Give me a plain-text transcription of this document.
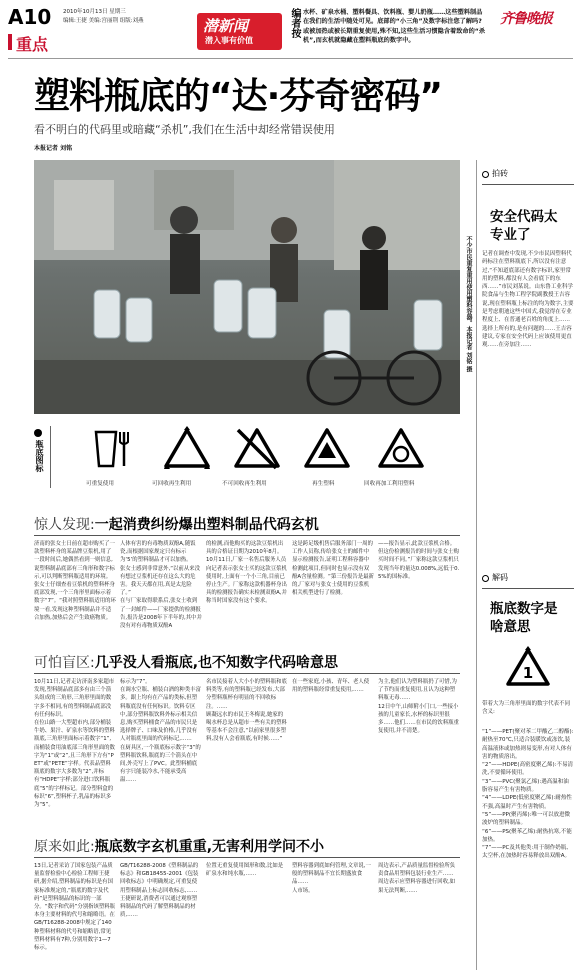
A10 2010年10月13日 星期三
编辑:王捷 美编:宫丽荆 组版:刘燕
重点
潜新闻
潜入事有价值
编者按 水杯、矿泉水桶、塑料餐具、饮料瓶、婴儿奶瓶……这些塑料制品在我们的生活中随处可见。底部的“小三角”及数字标注您了解吗?或被加热或被长期重复使用,殊不知,这些生活习惯隐含着致命的“杀机”,而玄机就隐藏在塑料瓶底的数字中。
齐鲁晚报
塑料瓶底的“达·芬奇密码”
看不明白的代码里或暗藏“杀机”,我们在生活中却经常错误使用
本报记者 刘铭
不少市民重复重用使用塑料容器。本报记者 刘铭 摄
瓶底图标
可重复使用	可回收再生利用	不可回收再生利用	再生塑料	回收再加工利用塑料
惊人发现:一起消费纠纷爆出塑料制品代码玄机

济南的张女士日前在超市购买了一款塑料杯身的某品牌豆浆机,用了一段时间后,她偶然看到一则信息,说塑料制品底部有三角形和数字标示,可以判断塑料瓶适用的环境。

张女士仔细查看豆浆机的塑料杯身底部发现,一个三角形里面标示着数字“7”。“我对照塑料瓶适用的环境一看,发现这种塑料制品并不适合加热,加热后会产生致癌物质。

人体有害的有毒物质双酚A,随饭瓷,而根据国家规定只有标示为‘5’的塑料制品才可以加热。

张女士感到非常意外,“以前从来没有想过豆浆机还存在这么大的危害。我天天都在用,真是太危险了。”

在与厂家取得联系后,张女士收到了一封邮件——厂家提供的检测报告,报告是2008年下半年的,其中并没有对有毒物质双酚A

的检测,而他购买的这款豆浆机出具的合格证日期为2010年8月。

10月11日,厂家一名售后服务人员向记者表示张女士买的这款豆浆机使用时,上面有一个小三角,目前已停止生产。厂家称这款机器杯身出具的检测报告确实未检测双酚A,并称当时国家没有这个要求。

这是跨足级机售后服务部门一周的工作人员称,传给张女士的邮件中显示检测报告,证明工程料容器中检测此项目,但同时也显示没有双酚A含量检测。“第三份报告是最新的,厂家对与张女士使用的豆浆机相关机型进行了检测。

——报告显示,此款豆浆机合格。但这份检测报告的时间与张女士购买时间不同。”厂家称这款豆浆机只发现当年的量达0.008%,远低于0.5%的国标准。

可怕盲区:几乎没人看瓶底,也不知数字代码啥意思

10月11日,记者走访济南多家超市发现,塑料制品底部多有由三个箭头组成的三角形,三角形里面的数字多不相同,有的塑料制品底部没有任何标识。

在位山路一大型超市内,部分桶装牛奶、果汁、矿泉水等饮料的塑料瓶底,三角形里面标示着数字“1”,而桶装食用油底部三角形里面的数字为“1”或“2”,且三角形下方有“PET”或“PETE”字样。代表品塑料瓶底的数字大多数为“2”,并标有“HDPE”字样;部分进口饮料瓶底“5”的字样标记。部分塑料盒的标识“6”,塑料杯子,乳品的标识多为“5”。

标示为“7”。

在调水空瓶、桶装白酒的种类丰富多。跟上均有在产品的类标,但塑料瓶底没有任何标识。饮料专区中,部分塑料瓶饮料外标示相关信息,购买塑料桶食产品的市民只是选择牌子、口味及价格,几乎没有人对瓶底里面的代码标记,……

在厨具区,一个瓶底标示数字“3”的塑料瓶饮料,瓶底的三个箭头在中间,外壳写上了PVC。此塑料桶底有字只能装冷水,不能承受高温……

名市民接着人大小小的塑料瓶和底料类等,有的塑料瓶已经发布,大部分塑料瓶杯有明显的不回收标注。……

顾凝远水的市民王冬梅说,她家的喝水杯总是从超市一些有关的塑料等基本不会注意,“以前家里很多塑料,没有人会看瓶底,有时候……”

在一些家庭,小孩、青年、老人使用的塑料瓶经常重复使用,……

为主,他们认为塑料瓶扔了可惜,为了节约而重复使用,且认为这种塑料瓶无毒……

12日中午,山师附小门口,一些接小孩的儿童家长,水杯的标识里很多……他们……在市民的饮料瓶重复使用,并不清楚。

原来如此:瓶底数字玄机重重,无害利用学问不小

13日,记者采访了国家包装产品质量监督检验中心检验工程师王捷研,据介绍,塑料制品的标识是有国家标准规定的,“瓶底的数字及代码”是塑料制品的标识的一部分。“数字和代码”分别指该塑料瓶本身主要材料的代号和缩略语。在GB/T16288-2008中规定了140种塑料材料的代号和缩略语,常见塑料材料有7种,分别用数字1—7标示。

GB/T16288-2008《塑料制品的标志》和GB18455-2001《包装回收标志》中明确规定,可重复使用塑料制品上标志回收标志,……

王捷研说,消费者可以通过观察塑料制品的代码了解塑料制品的材质,……

位置无重复使用图形和数,比如是矿泉水和纯水瓶,……

塑料容器到底如何管理,文章说,一般的塑料制品不宜长期盛放食品……

人市场。

周边表示,产品质量监督检验所负责食品用塑料包装行业生产……

周边表示应塑料容器进行回收,如果无法判断,……

拍砖
安全代码太专业了
记者在调查中发现,不少市民因塑料代码标注在塑料瓶底下,所以没有注意过,“不知道底部还有数字标识,家里常用的塑料,都没有人会看底下的东西……”市民刘某说。山东鲁工业科学院食品与生物工程学院副教授王吉容说,现在塑料瓶上标注的均为数字,主要是考虑朝迪这些中国式,我觉得在专业程度上、在普通老百姓的角度上……选择上所有的,是有问题的……王吉容建议,专家在安全代码上应该使用更直观……在旁加注……
解码
瓶底数字是啥意思
1
带着大为三角形里面的数字代表不同含义:

“1”——PET(聚对苯二甲酸乙二醇酯):耐热至70℃,只适合装暖饮或冻饮,装高温液体或加热则易变形,有对人体有害的物质溶出。

“2”——HDPE(高密度聚乙烯):不易清洗,不要循环使用。

“3”——PVC(聚氯乙烯):遇高温和油脂容易产生有害物质。

“4”——LDPE(低密度聚乙烯):耐热性不强,高温时产生有害物质。

“5”——PP(聚丙烯):唯一可以放进微波炉的塑料制品。

“6”——PS(聚苯乙烯):耐热抗寒,不能加热。

“7”——PC及其他类:用于制作奶瓶、太空杯,在加热时容易释放出双酚A。
